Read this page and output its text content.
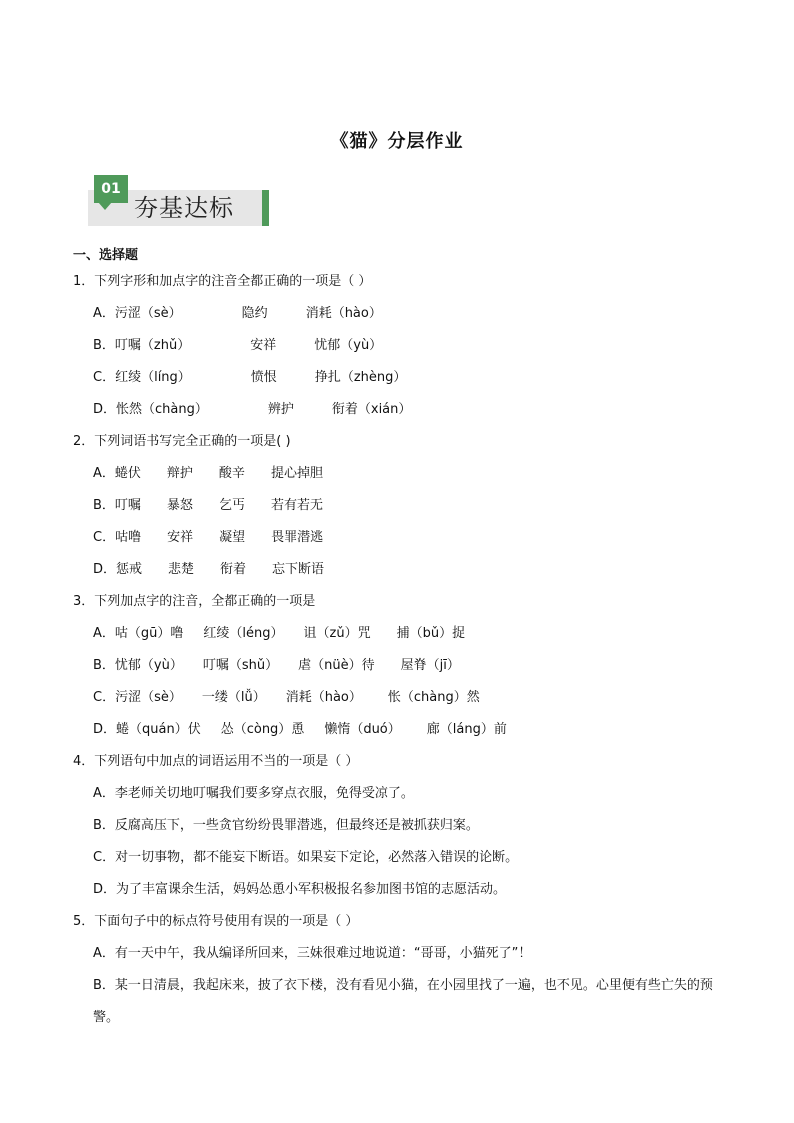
《猫》分层作业
01
夯基达标
一、选择题
1．下列字形和加点字的注音全都正确的一项是（ ）
A．污涩（sè）	隐约	消耗（hào）
B．叮嘱（zhǔ）	安祥	忧郁（yù）
C．红绫（líng）	愤恨	挣扎（zhèng）
D．怅然（chàng）	辨护	衔着（xián）
2．下列词语书写完全正确的一项是( )
A．蜷伏 辩护 酸辛 提心掉胆
B．叮嘱 暴怒 乞丐 若有若无
C．咕噜 安祥 凝望 畏罪潜逃
D．惩戒 悲楚 衔着 忘下断语
3．下列加点字的注音，全都正确的一项是
A．咕（gū）噜 红绫（léng） 诅（zǔ）咒 捕（bǔ）捉
B．忧郁（yù） 叮嘱（shǔ） 虐（nüè）待 屋脊（jī）
C．污涩（sè） 一缕（lǚ） 消耗（hào） 怅（chàng）然
D．蜷（quán）伏 怂（còng）恿 懒惰（duó） 廊（láng）前
4．下列语句中加点的词语运用不当的一项是（ ）
A．李老师关切地叮嘱我们要多穿点衣服，免得受凉了。
B．反腐高压下，一些贪官纷纷畏罪潜逃，但最终还是被抓获归案。
C．对一切事物，都不能妄下断语。如果妄下定论，必然落入错误的论断。
D．为了丰富课余生活，妈妈怂恿小军积极报名参加图书馆的志愿活动。
5．下面句子中的标点符号使用有误的一项是（ ）
A．有一天中午，我从编译所回来，三妹很难过地说道：“哥哥，小猫死了”！
B．某一日清晨，我起床来，披了衣下楼，没有看见小猫，在小园里找了一遍，也不见。心里便有些亡失的预警。
